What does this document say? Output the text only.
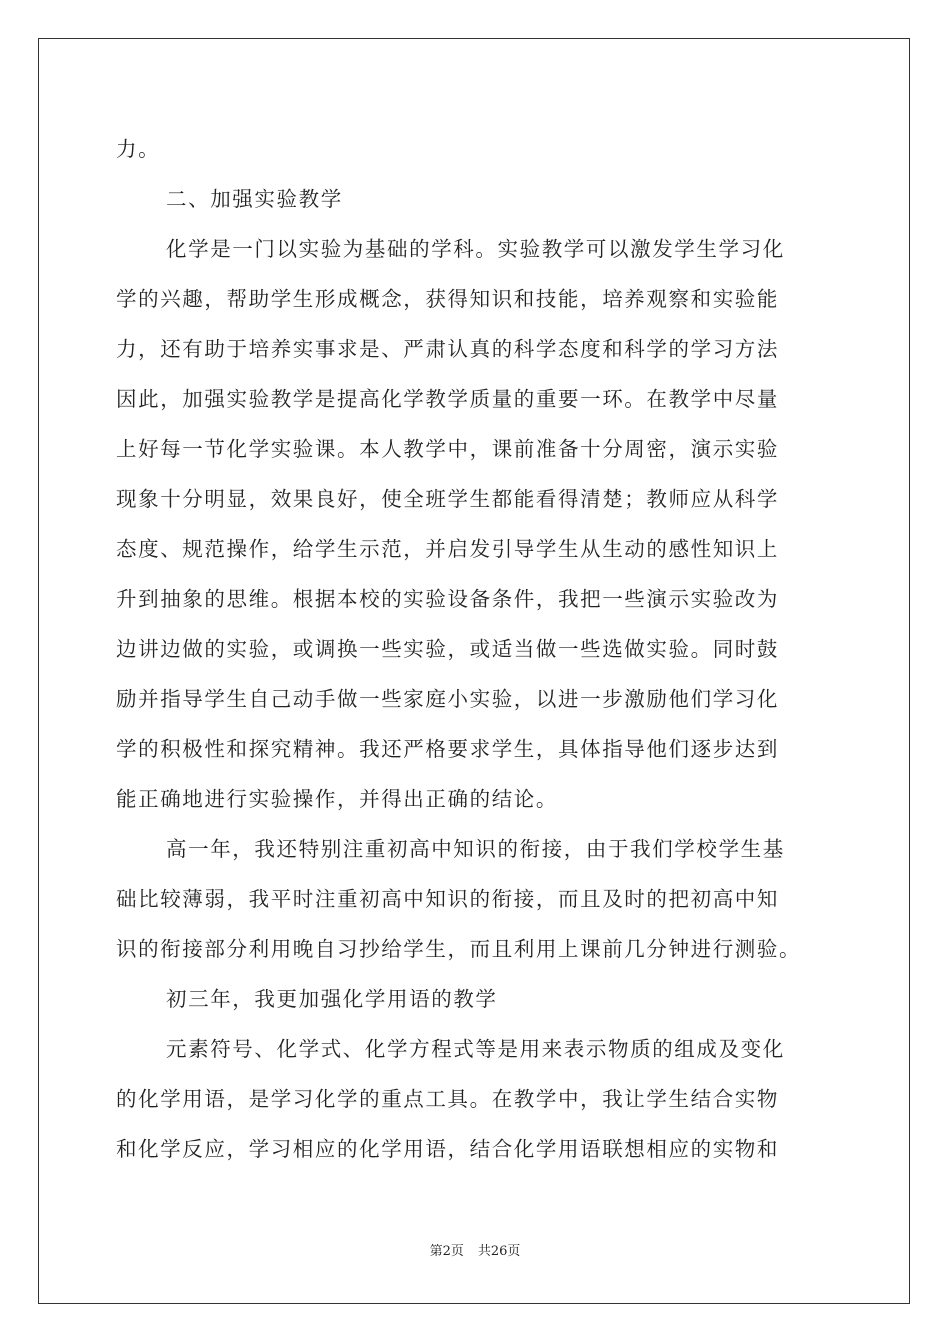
力。
二、加强实验教学
化学是一门以实验为基础的学科。实验教学可以激发学生学习化
学的兴趣，帮助学生形成概念，获得知识和技能，培养观察和实验能
力，还有助于培养实事求是、严肃认真的科学态度和科学的学习方法
因此，加强实验教学是提高化学教学质量的重要一环。在教学中尽量
上好每一节化学实验课。本人教学中，课前准备十分周密，演示实验
现象十分明显，效果良好，使全班学生都能看得清楚；教师应从科学
态度、规范操作，给学生示范，并启发引导学生从生动的感性知识上
升到抽象的思维。根据本校的实验设备条件，我把一些演示实验改为
边讲边做的实验，或调换一些实验，或适当做一些选做实验。同时鼓
励并指导学生自己动手做一些家庭小实验，以进一步激励他们学习化
学的积极性和探究精神。我还严格要求学生，具体指导他们逐步达到
能正确地进行实验操作，并得出正确的结论。
高一年，我还特别注重初高中知识的衔接，由于我们学校学生基
础比较薄弱，我平时注重初高中知识的衔接，而且及时的把初高中知
识的衔接部分利用晚自习抄给学生，而且利用上课前几分钟进行测验。
初三年，我更加强化学用语的教学
元素符号、化学式、化学方程式等是用来表示物质的组成及变化
的化学用语，是学习化学的重点工具。在教学中，我让学生结合实物
和化学反应，学习相应的化学用语，结合化学用语联想相应的实物和
第2页 共26页
